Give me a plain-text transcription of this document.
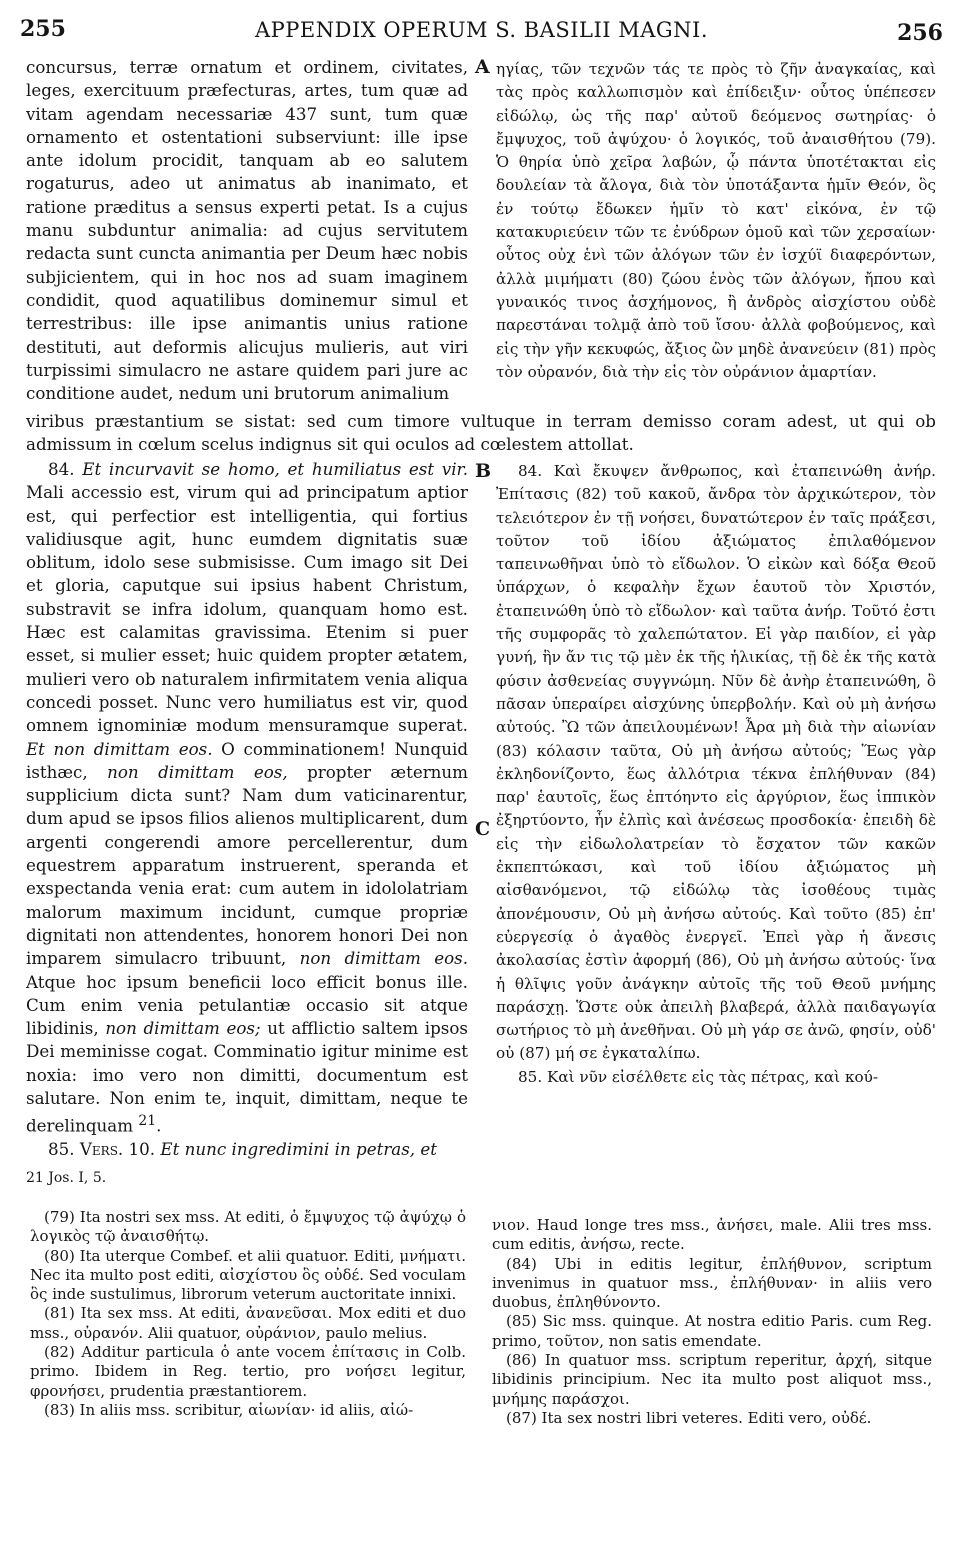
255	APPENDIX OPERUM S. BASILII MAGNI.	256
A
B
C

concursus, terræ ornatum et ordinem, civitates, leges, exercituum præfecturas, artes, tum quæ ad vitam agendam necessariæ 437 sunt, tum quæ ornamento et ostentationi subserviunt: ille ipse ante idolum procidit, tanquam ab eo salutem rogaturus, adeo ut animatus ab inanimato, et ratione præditus a sensus experti petat. Is a cujus manu subduntur animalia: ad cujus servitutem redacta sunt cuncta animantia per Deum hæc nobis subjicientem, qui in hoc nos ad suam imaginem condidit, quod aquatilibus dominemur simul et terrestribus: ille ipse animantis unius ratione destituti, aut deformis alicujus mulieris, aut viri turpissimi simulacro ne astare quidem pari jure ac conditione audet, nedum uni brutorum animalium

ηγίας, τῶν τεχνῶν τάς τε πρὸς τὸ ζῆν ἀναγκαίας, καὶ τὰς πρὸς καλλωπισμὸν καὶ ἐπίδειξιν· οὗτος ὑπέπεσεν εἰδώλῳ, ὡς τῆς παρ' αὐτοῦ δεόμενος σωτηρίας· ὁ ἔμψυχος, τοῦ ἀψύχου· ὁ λογικός, τοῦ ἀναισθήτου (79). Ὁ θηρία ὑπὸ χεῖρα λαβών, ᾧ πάντα ὑποτέτακται εἰς δουλείαν τὰ ἄλογα, διὰ τὸν ὑποτάξαντα ἡμῖν Θεόν, ὃς ἐν τούτῳ ἔδωκεν ἡμῖν τὸ κατ' εἰκόνα, ἐν τῷ κατακυριεύειν τῶν τε ἐνύδρων ὁμοῦ καὶ τῶν χερσαίων· οὗτος οὐχ ἑνὶ τῶν ἀλόγων τῶν ἐν ἰσχύϊ διαφερόντων, ἀλλὰ μιμήματι (80) ζώου ἑνὸς τῶν ἀλόγων, ἤπου καὶ γυναικός τινος ἀσχήμονος, ἢ ἀνδρὸς αἰσχίστου οὐδὲ παρεστάναι τολμᾷ ἀπὸ τοῦ ἴσου· ἀλλὰ φοβούμενος, καὶ εἰς τὴν γῆν κεκυφώς, ἄξιος ὢν μηδὲ ἀνανεύειν (81) πρὸς τὸν οὐρανόν, διὰ τὴν εἰς τὸν οὐράνιον ἁμαρτίαν.

viribus præstantium se sistat: sed cum timore vultuque in terram demisso coram adest, ut qui ob admissum in cœlum scelus indignus sit qui oculos ad cœlestem attollat.

84. Et incurvavit se homo, et humiliatus est vir. Mali accessio est, virum qui ad principatum aptior est, qui perfectior est intelligentia, qui fortius validiusque agit, hunc eumdem dignitatis suæ oblitum, idolo sese submisisse. Cum imago sit Dei et gloria, caputque sui ipsius habent Christum, substravit se infra idolum, quanquam homo est. Hæc est calamitas gravissima. Etenim si puer esset, si mulier esset; huic quidem propter ætatem, mulieri vero ob naturalem infirmitatem venia aliqua concedi posset. Nunc vero humiliatus est vir, quod omnem ignominiæ modum mensuramque superat. Et non dimittam eos. O comminationem! Nunquid isthæc, non dimittam eos, propter æternum supplicium dicta sunt? Nam dum vaticinarentur, dum apud se ipsos filios alienos multiplicarent, dum argenti congerendi amore percellerentur, dum equestrem apparatum instruerent, speranda et exspectanda venia erat: cum autem in idololatriam malorum maximum incidunt, cumque propriæ dignitati non attendentes, honorem honori Dei non imparem simulacro tribuunt, non dimittam eos. Atque hoc ipsum beneficii loco efficit bonus ille. Cum enim venia petulantiæ occasio sit atque libidinis, non dimittam eos; ut afflictio saltem ipsos Dei meminisse cogat. Comminatio igitur minime est noxia: imo vero non dimitti, documentum est salutare. Non enim te, inquit, dimittam, neque te derelinquam $^{21}$.

85. Vers. 10. Et nunc ingredimini in petras, et

21 Jos. I, 5.

84. Καὶ ἔκυψεν ἄνθρωπος, καὶ ἐταπεινώθη ἀνήρ. Ἐπίτασις (82) τοῦ κακοῦ, ἄνδρα τὸν ἀρχικώτερον, τὸν τελειότερον ἐν τῇ νοήσει, δυνατώτερον ἐν ταῖς πράξεσι, τοῦτον τοῦ ἰδίου ἀξιώματος ἐπιλαθόμενον ταπεινωθῆναι ὑπὸ τὸ εἴδωλον. Ὁ εἰκὼν καὶ δόξα Θεοῦ ὑπάρχων, ὁ κεφαλὴν ἔχων ἑαυτοῦ τὸν Χριστόν, ἐταπεινώθη ὑπὸ τὸ εἴδωλον· καὶ ταῦτα ἀνήρ. Τοῦτό ἐστι τῆς συμφορᾶς τὸ χαλεπώτατον. Εἰ γὰρ παιδίον, εἰ γὰρ γυνή, ἣν ἄν τις τῷ μὲν ἐκ τῆς ἡλικίας, τῇ δὲ ἐκ τῆς κατὰ φύσιν ἀσθενείας συγγνώμη. Νῦν δὲ ἀνὴρ ἐταπεινώθη, ὃ πᾶσαν ὑπεραίρει αἰσχύνης ὑπερβολήν. Καὶ οὐ μὴ ἀνήσω αὐτούς. Ὢ τῶν ἀπειλουμένων! Ἆρα μὴ διὰ τὴν αἰωνίαν (83) κόλασιν ταῦτα, Οὐ μὴ ἀνήσω αὐτούς; Ἕως γὰρ ἐκληδονίζοντο, ἕως ἀλλότρια τέκνα ἐπλήθυναν (84) παρ' ἑαυτοῖς, ἕως ἐπτόηντο εἰς ἀργύριον, ἕως ἱππικὸν ἐξηρτύοντο, ἦν ἐλπὶς καὶ ἀνέσεως προσδοκία· ἐπειδὴ δὲ εἰς τὴν εἰδωλολατρείαν τὸ ἔσχατον τῶν κακῶν ἐκπεπτώκασι, καὶ τοῦ ἰδίου ἀξιώματος μὴ αἰσθανόμενοι, τῷ εἰδώλῳ τὰς ἰσοθέους τιμὰς ἀπονέμουσιν, Οὐ μὴ ἀνήσω αὐτούς. Καὶ τοῦτο (85) ἐπ' εὐεργεσίᾳ ὁ ἀγαθὸς ἐνεργεῖ. Ἐπεὶ γὰρ ἡ ἄνεσις ἀκολασίας ἐστὶν ἀφορμή (86), Οὐ μὴ ἀνήσω αὐτούς· ἵνα ἡ θλῖψις γοῦν ἀνάγκην αὐτοῖς τῆς τοῦ Θεοῦ μνήμης παράσχῃ. Ὥστε οὐκ ἀπειλὴ βλαβερά, ἀλλὰ παιδαγωγία σωτήριος τὸ μὴ ἀνεθῆναι. Οὐ μὴ γάρ σε ἀνῶ, φησίν, οὐδ' οὐ (87) μή σε ἐγκαταλίπω.

85. Καὶ νῦν εἰσέλθετε εἰς τὰς πέτρας, καὶ κού-

(79) Ita nostri sex mss. At editi, ὁ ἔμψυχος τῷ ἀψύχῳ ὁ λογικὸς τῷ ἀναισθήτῳ.

(80) Ita uterque Combef. et alii quatuor. Editi, μνήματι. Nec ita multo post editi, αἰσχίστου ὃς οὐδέ. Sed voculam ὃς inde sustulimus, librorum veterum auctoritate innixi.

(81) Ita sex mss. At editi, ἀνανεῦσαι. Mox editi et duo mss., οὐρανόν. Alii quatuor, οὐράνιον, paulo melius.

(82) Additur particula ὁ ante vocem ἐπίτασις in Colb. primo. Ibidem in Reg. tertio, pro νοήσει legitur, φρονήσει, prudentia præstantiorem.

(83) In aliis mss. scribitur, αἰωνίαν· id aliis, αἰώ-

νιον. Haud longe tres mss., ἀνήσει, male. Alii tres mss. cum editis, ἀνήσω, recte.

(84) Ubi in editis legitur, ἐπλήθυνον, scriptum invenimus in quatuor mss., ἐπλήθυναν· in aliis vero duobus, ἐπληθύνοντο.

(85) Sic mss. quinque. At nostra editio Paris. cum Reg. primo, τοῦτον, non satis emendate.

(86) In quatuor mss. scriptum reperitur, ἀρχή, sitque libidinis principium. Nec ita multo post aliquot mss., μνήμης παράσχοι.

(87) Ita sex nostri libri veteres. Editi vero, οὐδέ.
